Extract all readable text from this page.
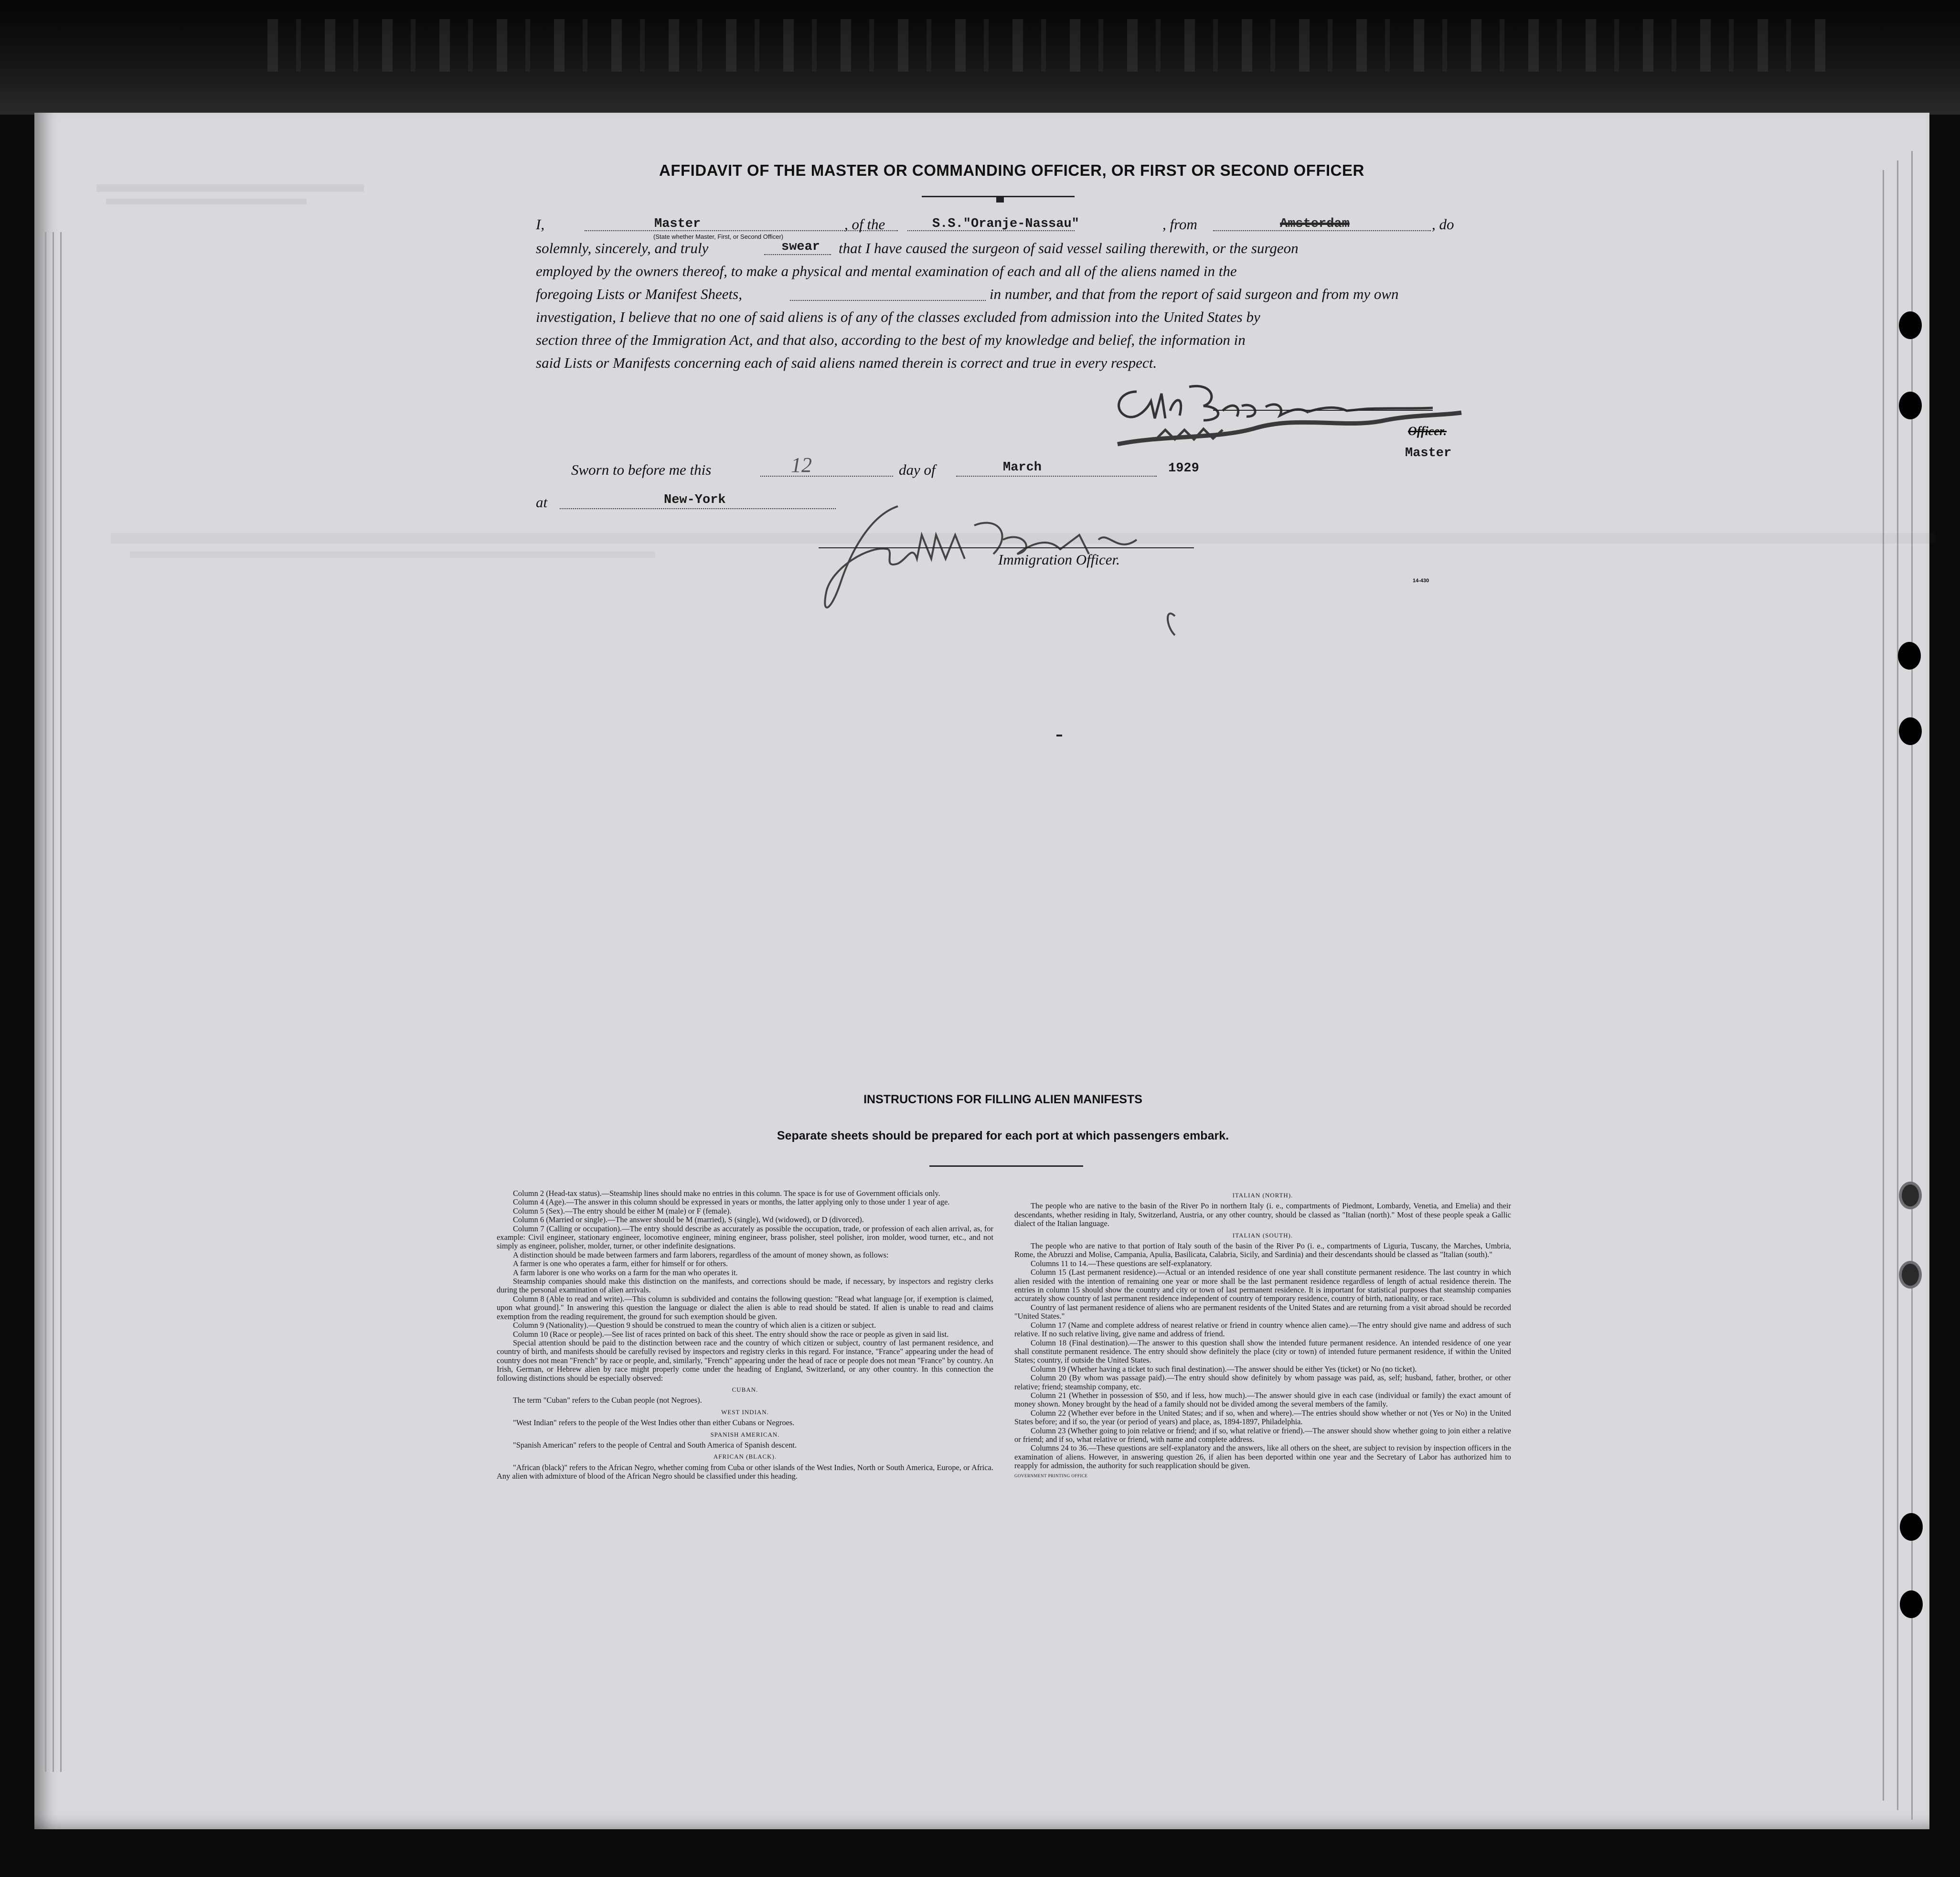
AFFIDAVIT OF THE MASTER OR COMMANDING OFFICER, OR FIRST OR SECOND OFFICER
I,	, of the	, from	, do
Master
(State whether Master, First, or Second Officer)
S.S."Oranje-Nassau"	Amsterdam
solemnly, sincerely, and truly	that I have caused the surgeon of said vessel sailing therewith, or the surgeon
swear
employed by the owners thereof, to make a physical and mental examination of each and all of the aliens named in the
foregoing Lists or Manifest Sheets,	in number, and that from the report of said surgeon and from my own
investigation, I believe that no one of said aliens is of any of the classes excluded from admission into the United States by
section three of the Immigration Act, and that also, according to the best of my knowledge and belief, the information in
said Lists or Manifests concerning each of said aliens named therein is correct and true in every respect.
Officer.
Master
Sworn to before me this	day of
12	March	1929
at	New-York
Immigration Officer.
14-430
INSTRUCTIONS FOR FILLING ALIEN MANIFESTS
Separate sheets should be prepared for each port at which passengers embark.

Column 2 (Head-tax status).—Steamship lines should make no entries in this column. The space is for use of Government officials only.

Column 4 (Age).—The answer in this column should be expressed in years or months, the latter applying only to those under 1 year of age.

Column 5 (Sex).—The entry should be either M (male) or F (female).

Column 6 (Married or single).—The answer should be M (married), S (single), Wd (widowed), or D (divorced).

Column 7 (Calling or occupation).—The entry should describe as accurately as possible the occupation, trade, or profession of each alien arrival, as, for example: Civil engineer, stationary engineer, locomotive engineer, mining engineer, brass polisher, steel polisher, iron molder, wood turner, etc., and not simply as engineer, polisher, molder, turner, or other indefinite designations.

A distinction should be made between farmers and farm laborers, regardless of the amount of money shown, as follows:

A farmer is one who operates a farm, either for himself or for others.

A farm laborer is one who works on a farm for the man who operates it.

Steamship companies should make this distinction on the manifests, and corrections should be made, if necessary, by inspectors and registry clerks during the personal examination of alien arrivals.

Column 8 (Able to read and write).—This column is subdivided and contains the following question: "Read what language [or, if exemption is claimed, upon what ground]." In answering this question the language or dialect the alien is able to read should be stated. If alien is unable to read and claims exemption from the reading requirement, the ground for such exemption should be given.

Column 9 (Nationality).—Question 9 should be construed to mean the country of which alien is a citizen or subject.

Column 10 (Race or people).—See list of races printed on back of this sheet. The entry should show the race or people as given in said list.

Special attention should be paid to the distinction between race and the country of which citizen or subject, country of last permanent residence, and country of birth, and manifests should be carefully revised by inspectors and registry clerks in this regard. For instance, "France" appearing under the head of country does not mean "French" by race or people, and, similarly, "French" appearing under the head of race or people does not mean "France" by country. An Irish, German, or Hebrew alien by race might properly come under the heading of England, Switzerland, or any other country. In this connection the following distinctions should be especially observed:

CUBAN.

The term "Cuban" refers to the Cuban people (not Negroes).

WEST INDIAN.

"West Indian" refers to the people of the West Indies other than either Cubans or Negroes.

SPANISH AMERICAN.

"Spanish American" refers to the people of Central and South America of Spanish descent.

AFRICAN (BLACK).

"African (black)" refers to the African Negro, whether coming from Cuba or other islands of the West Indies, North or South America, Europe, or Africa. Any alien with admixture of blood of the African Negro should be classified under this heading.

ITALIAN (NORTH).

The people who are native to the basin of the River Po in northern Italy (i. e., compartments of Piedmont, Lombardy, Venetia, and Emelia) and their descendants, whether residing in Italy, Switzerland, Austria, or any other country, should be classed as "Italian (north)." Most of these people speak a Gallic dialect of the Italian language.

ITALIAN (SOUTH).

The people who are native to that portion of Italy south of the basin of the River Po (i. e., compartments of Liguria, Tuscany, the Marches, Umbria, Rome, the Abruzzi and Molise, Campania, Apulia, Basilicata, Calabria, Sicily, and Sardinia) and their descendants should be classed as "Italian (south)."

Columns 11 to 14.—These questions are self-explanatory.

Column 15 (Last permanent residence).—Actual or an intended residence of one year shall constitute permanent residence. The last country in which alien resided with the intention of remaining one year or more shall be the last permanent residence regardless of length of actual residence therein. The entries in column 15 should show the country and city or town of last permanent residence. It is important for statistical purposes that steamship companies accurately show country of last permanent residence independent of country of temporary residence, country of birth, nationality, or race.

Country of last permanent residence of aliens who are permanent residents of the United States and are returning from a visit abroad should be recorded "United States."

Column 17 (Name and complete address of nearest relative or friend in country whence alien came).—The entry should give name and address of such relative. If no such relative living, give name and address of friend.

Column 18 (Final destination).—The answer to this question shall show the intended future permanent residence. An intended residence of one year shall constitute permanent residence. The entry should show definitely the place (city or town) of intended future permanent residence, if within the United States; country, if outside the United States.

Column 19 (Whether having a ticket to such final destination).—The answer should be either Yes (ticket) or No (no ticket).

Column 20 (By whom was passage paid).—The entry should show definitely by whom passage was paid, as, self; husband, father, brother, or other relative; friend; steamship company, etc.

Column 21 (Whether in possession of $50, and if less, how much).—The answer should give in each case (individual or family) the exact amount of money shown. Money brought by the head of a family should not be divided among the several members of the family.

Column 22 (Whether ever before in the United States; and if so, when and where).—The entries should show whether or not (Yes or No) in the United States before; and if so, the year (or period of years) and place, as, 1894-1897, Philadelphia.

Column 23 (Whether going to join relative or friend; and if so, what relative or friend).—The answer should show whether going to join either a relative or friend; and if so, what relative or friend, with name and complete address.

Columns 24 to 36.—These questions are self-explanatory and the answers, like all others on the sheet, are subject to revision by inspection officers in the examination of aliens. However, in answering question 26, if alien has been deported within one year and the Secretary of Labor has authorized him to reapply for admission, the authority for such reapplication should be given.

GOVERNMENT PRINTING OFFICE
